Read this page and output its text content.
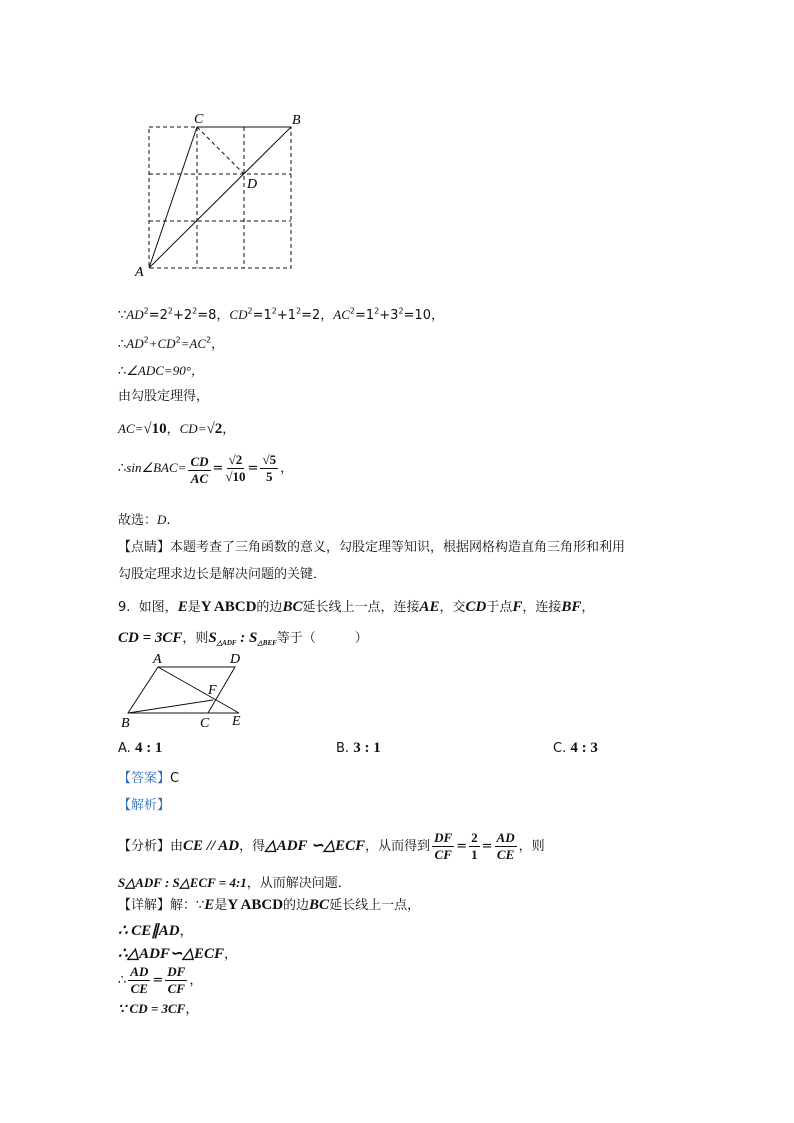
C	B
D
A
$\because AD^2=2^2+2^2=8$，$CD^2=1^2+1^2=2$，$AC^2=1^2+3^2=10$，
$\therefore AD^2+CD^2=AC^2$，
∴∠ADC=90°，
由勾股定理得，
AC=√10，CD=√2，
∴sin∠BAC= $\frac{CD}{AC} = \frac{√2}{√10} = \frac{√5}{5}$ ，
故选：D.
【点睛】本题考查了三角函数的意义，勾股定理等知识，根据网格构造直角三角形和利用
勾股定理求边长是解决问题的关键．
9. 如图，E是Y ABCD的边BC延长线上一点，连接AE，交CD于点F，连接BF，
CD = 3CF，则$S_{\triangle ADF}$ : $S_{\triangle BEF}$等于（　　　）
A	D
F
B	C E
A. 4 : 1	B. 3 : 1	C. 4 : 3
【答案】C
【解析】
【分析】由CE // AD，得△ADF ∽△ECF，从而得到 $\frac{DF}{CF} = \frac{2}{1} = \frac{AD}{CE}$ ，则
S△ADF : S△ECF = 4:1，从而解决问题．
【详解】解：∵E是Y ABCD的边BC延长线上一点，
∴ CE∥AD，
∴△ADF∽△ECF，
∴ $\frac{AD}{CE} = \frac{DF}{CF}$ ，
∵ CD = 3CF，
